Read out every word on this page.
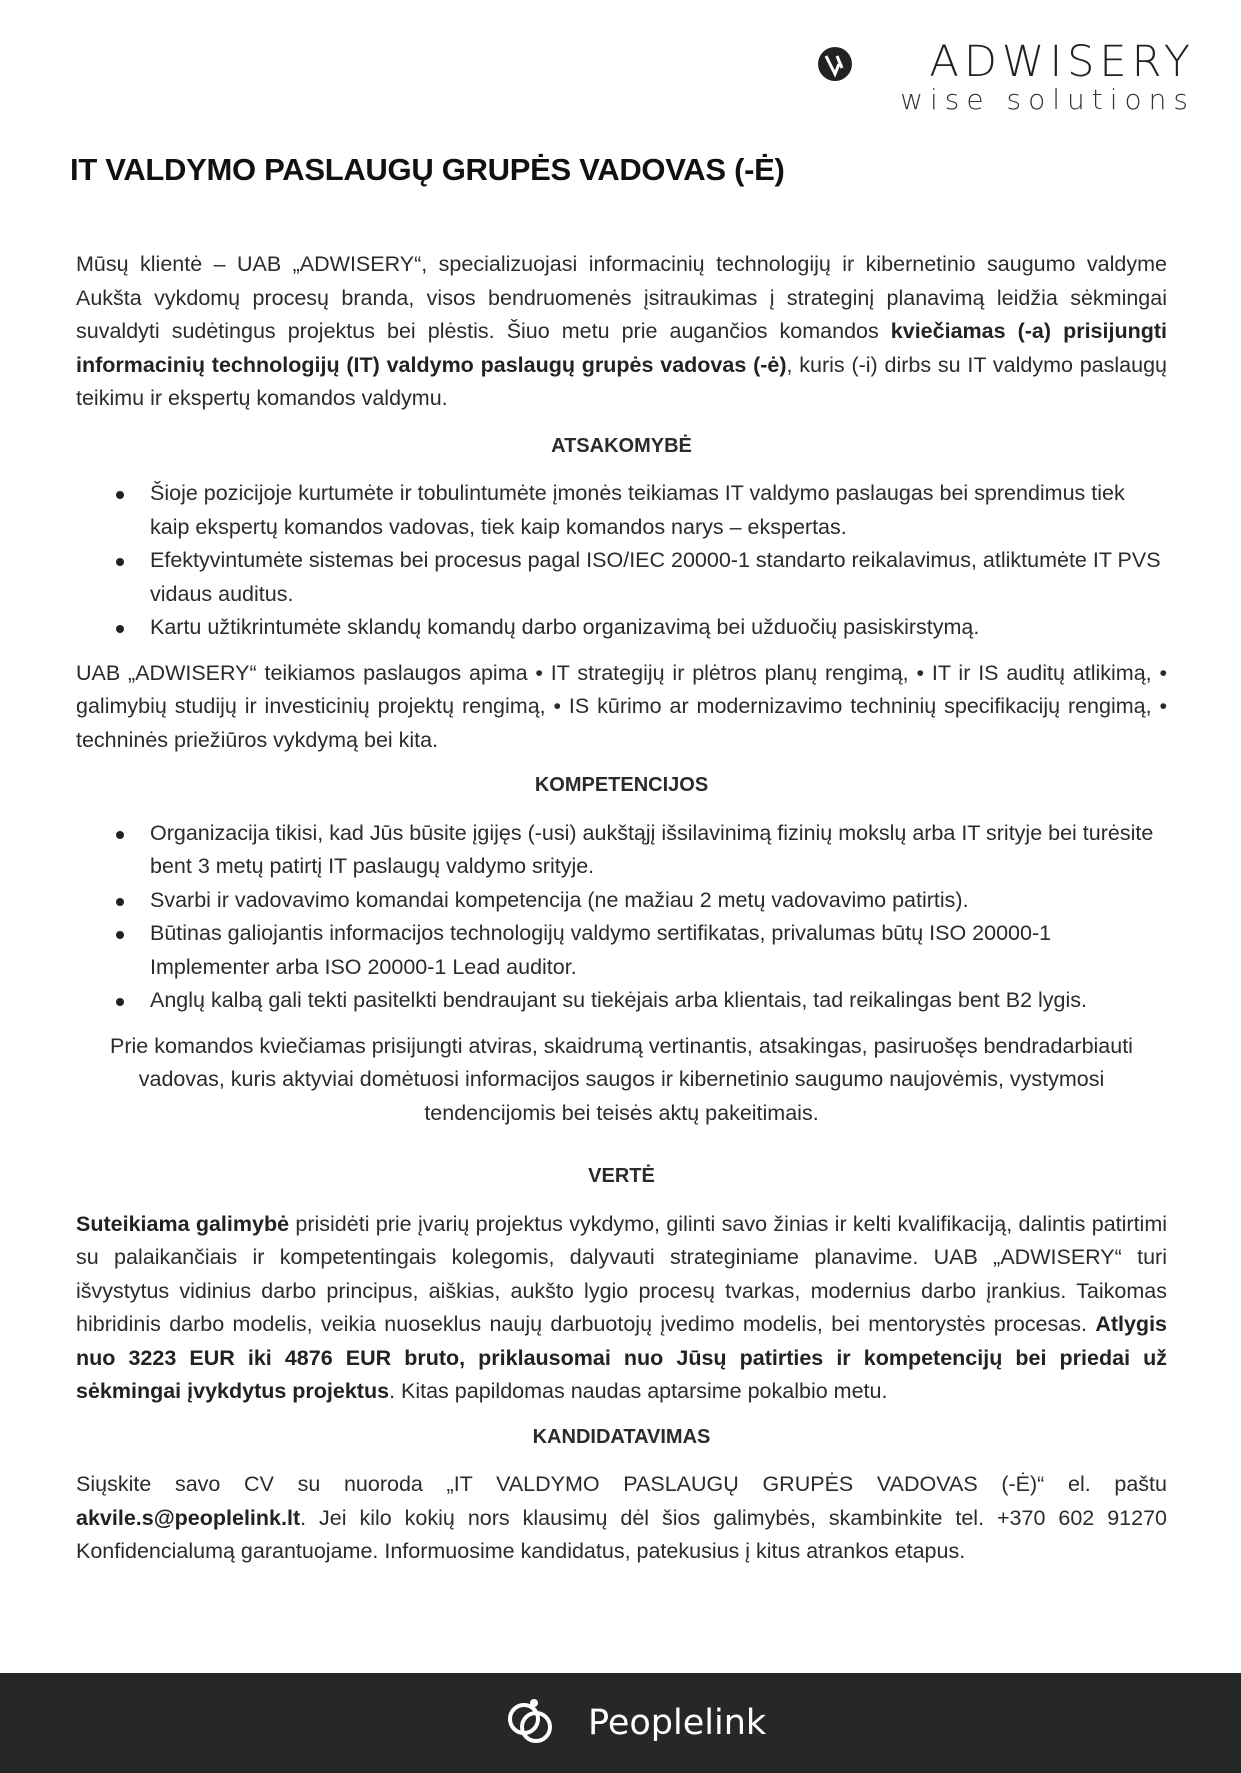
ADWISERY
wise solutions
IT VALDYMO PASLAUGŲ GRUPĖS VADOVAS (-Ė)

Mūsų klientė – UAB „ADWISERY“, specializuojasi informacinių technologijų ir kibernetinio saugumo valdyme Aukšta vykdomų procesų branda, visos bendruomenės įsitraukimas į strateginį planavimą leidžia sėkmingai suvaldyti sudėtingus projektus bei plėstis. Šiuo metu prie augančios komandos kviečiamas (-a) prisijungti informacinių technologijų (IT) valdymo paslaugų grupės vadovas (-ė), kuris (-i) dirbs su IT valdymo paslaugų teikimu ir ekspertų komandos valdymu.

ATSAKOMYBĖ

Šioje pozicijoje kurtumėte ir tobulintumėte įmonės teikiamas IT valdymo paslaugas bei sprendimus tiek kaip ekspertų komandos vadovas, tiek kaip komandos narys – ekspertas.
Efektyvintumėte sistemas bei procesus pagal ISO/IEC 20000-1 standarto reikalavimus, atliktumėte IT PVS vidaus auditus.
Kartu užtikrintumėte sklandų komandų darbo organizavimą bei užduočių pasiskirstymą.

UAB „ADWISERY“ teikiamos paslaugos apima • IT strategijų ir plėtros planų rengimą, • IT ir IS auditų atlikimą, • galimybių studijų ir investicinių projektų rengimą, • IS kūrimo ar modernizavimo techninių specifikacijų rengimą, • techninės priežiūros vykdymą bei kita.

KOMPETENCIJOS

Organizacija tikisi, kad Jūs būsite įgijęs (-usi) aukštąjį išsilavinimą fizinių mokslų arba IT srityje bei turėsite bent 3 metų patirtį IT paslaugų valdymo srityje.
Svarbi ir vadovavimo komandai kompetencija (ne mažiau 2 metų vadovavimo patirtis).
Būtinas galiojantis informacijos technologijų valdymo sertifikatas, privalumas būtų ISO 20000-1 Implementer arba ISO 20000-1 Lead auditor.
Anglų kalbą gali tekti pasitelkti bendraujant su tiekėjais arba klientais, tad reikalingas bent B2 lygis.

Prie komandos kviečiamas prisijungti atviras, skaidrumą vertinantis, atsakingas, pasiruošęs bendradarbiauti vadovas, kuris aktyviai domėtuosi informacijos saugos ir kibernetinio saugumo naujovėmis, vystymosi tendencijomis bei teisės aktų pakeitimais.

VERTĖ

Suteikiama galimybė prisidėti prie įvarių projektus vykdymo, gilinti savo žinias ir kelti kvalifikaciją, dalintis patirtimi su palaikančiais ir kompetentingais kolegomis, dalyvauti strateginiame planavime. UAB „ADWISERY“ turi išvystytus vidinius darbo principus, aiškias, aukšto lygio procesų tvarkas, modernius darbo įrankius. Taikomas hibridinis darbo modelis, veikia nuoseklus naujų darbuotojų įvedimo modelis, bei mentorystės procesas. Atlygis nuo 3223 EUR iki 4876 EUR bruto, priklausomai nuo Jūsų patirties ir kompetencijų bei priedai už sėkmingai įvykdytus projektus. Kitas papildomas naudas aptarsime pokalbio metu.

KANDIDATAVIMAS

Siųskite savo CV su nuoroda „IT VALDYMO PASLAUGŲ GRUPĖS VADOVAS (-Ė)“ el. paštu akvile.s@peoplelink.lt. Jei kilo kokių nors klausimų dėl šios galimybės, skambinkite tel. +370 602 91270 Konfidencialumą garantuojame. Informuosime kandidatus, patekusius į kitus atrankos etapus.

Peoplelink
